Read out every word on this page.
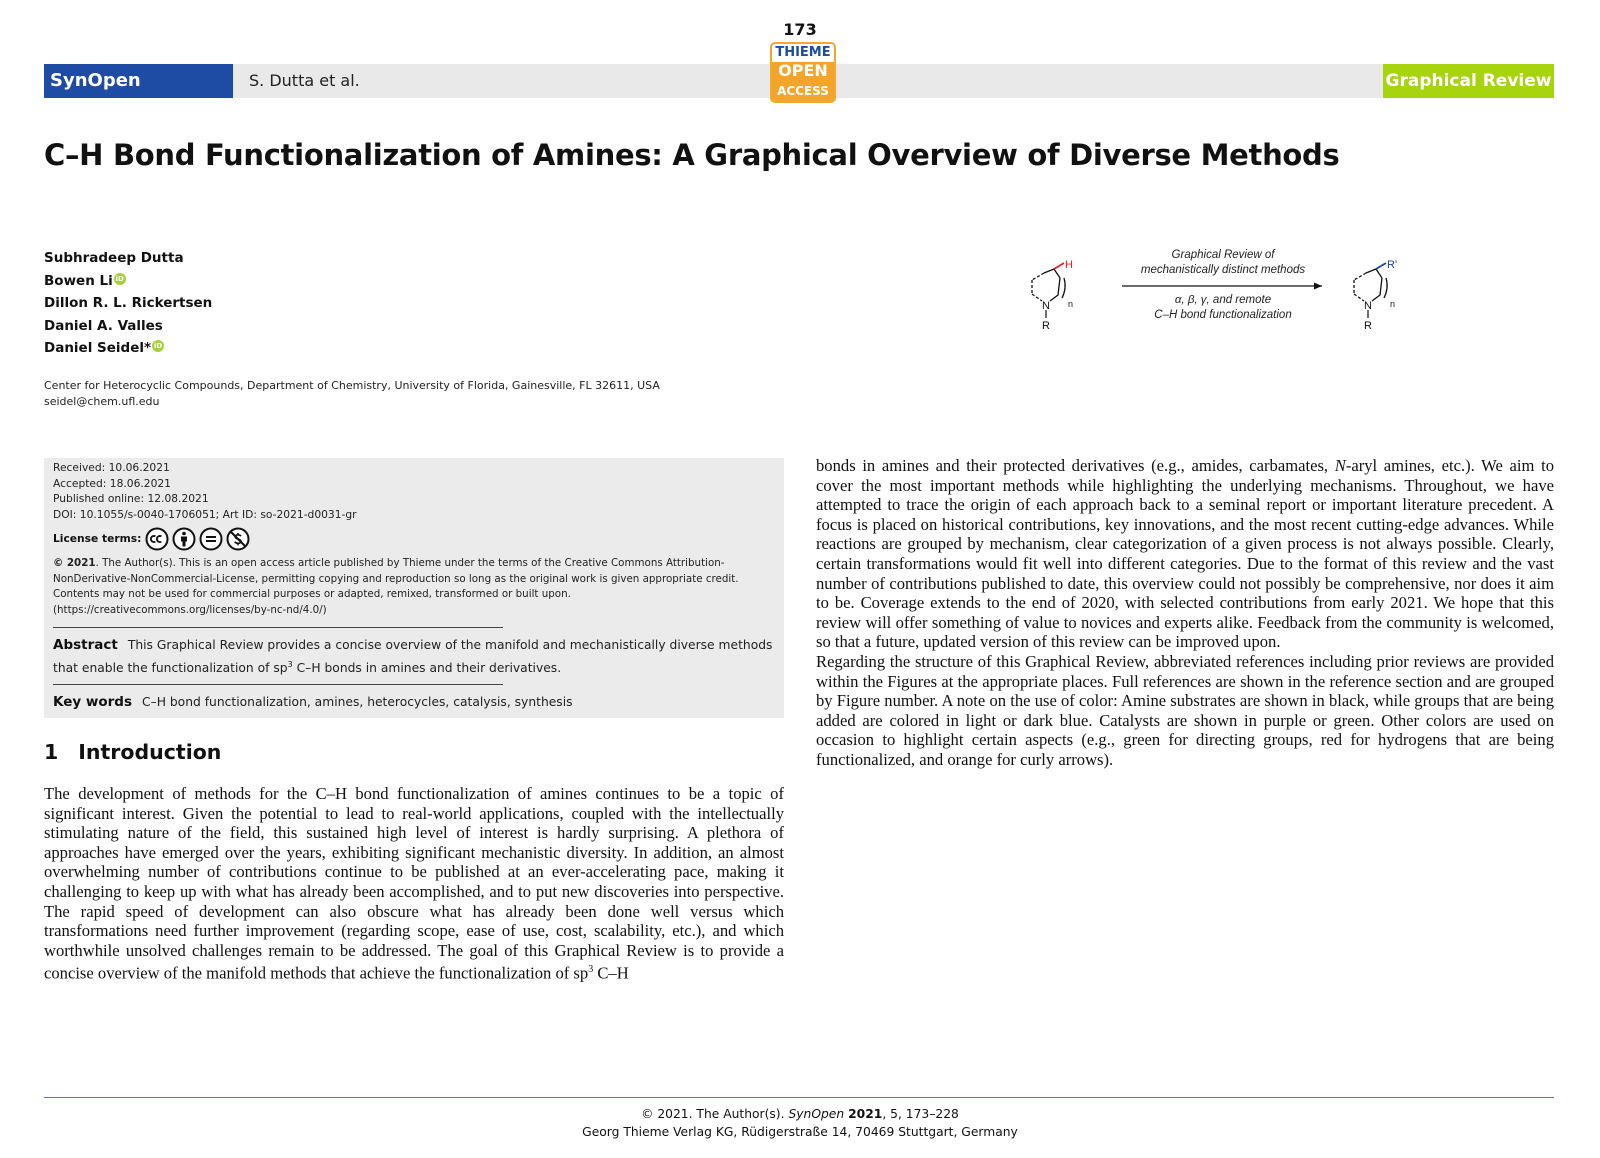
173
SynOpen	S. Dutta et al.	Graphical Review
THIEME
OPEN
ACCESS
C–H Bond Functionalization of Amines: A Graphical Overview of Diverse Methods
Subhradeep Dutta
Bowen Li iD
Dillon R. L. Rickertsen
Daniel A. Valles
Daniel Seidel* iD
Center for Heterocyclic Compounds, Department of Chemistry, University of Florida, Gainesville, FL 32611, USA
seidel@chem.ufl.edu
H
N
R
n
Graphical Review of
mechanistically distinct methods
α, β, γ, and remote
C–H bond functionalization
R'
N
R
n
Received: 10.06.2021
Accepted: 18.06.2021
Published online: 12.08.2021
DOI: 10.1055/s-0040-1706051; Art ID: so-2021-d0031-gr
License terms:
© 2021. The Author(s). This is an open access article published by Thieme under the terms of the Creative Commons Attribution-NonDerivative-NonCommercial-License, permitting copying and reproduction so long as the original work is given appropriate credit. Contents may not be used for commercial purposes or adapted, remixed, transformed or built upon. (https://creativecommons.org/licenses/by-nc-nd/4.0/)
Abstract This Graphical Review provides a concise overview of the manifold and mechanistically diverse methods that enable the functionalization of $sp^3$ C–H bonds in amines and their derivatives.
Key words C–H bond functionalization, amines, heterocycles, catalysis, synthesis
1 Introduction

The development of methods for the C–H bond functionalization of amines continues to be a topic of significant interest. Given the potential to lead to real-world applications, coupled with the intellectually stimulating nature of the field, this sustained high level of interest is hardly surprising. A plethora of approaches have emerged over the years, exhibiting significant mechanistic diversity. In addition, an almost overwhelming number of contributions continue to be published at an ever-accelerating pace, making it challenging to keep up with what has already been accomplished, and to put new discoveries into perspective. The rapid speed of development can also obscure what has already been done well versus which transformations need further improvement (regarding scope, ease of use, cost, scalability, etc.), and which worthwhile unsolved challenges remain to be addressed. The goal of this Graphical Review is to provide a concise overview of the manifold methods that achieve the functionalization of $sp^3$ C–H

bonds in amines and their protected derivatives (e.g., amides, carbamates, N-aryl amines, etc.). We aim to cover the most important methods while highlighting the underlying mechanisms. Throughout, we have attempted to trace the origin of each approach back to a seminal report or important literature precedent. A focus is placed on historical contributions, key innovations, and the most recent cutting-edge advances. While reactions are grouped by mechanism, clear categorization of a given process is not always possible. Clearly, certain transformations would fit well into different categories. Due to the format of this review and the vast number of contributions published to date, this overview could not possibly be comprehensive, nor does it aim to be. Coverage extends to the end of 2020, with selected contributions from early 2021. We hope that this review will offer something of value to novices and experts alike. Feedback from the community is welcomed, so that a future, updated version of this review can be improved upon.

Regarding the structure of this Graphical Review, abbreviated references including prior reviews are provided within the Figures at the appropriate places. Full references are shown in the reference section and are grouped by Figure number. A note on the use of color: Amine substrates are shown in black, while groups that are being added are colored in light or dark blue. Catalysts are shown in purple or green. Other colors are used on occasion to highlight certain aspects (e.g., green for directing groups, red for hydrogens that are being functionalized, and orange for curly arrows).

© 2021. The Author(s). SynOpen 2021, 5, 173–228
Georg Thieme Verlag KG, Rüdigerstraße 14, 70469 Stuttgart, Germany
